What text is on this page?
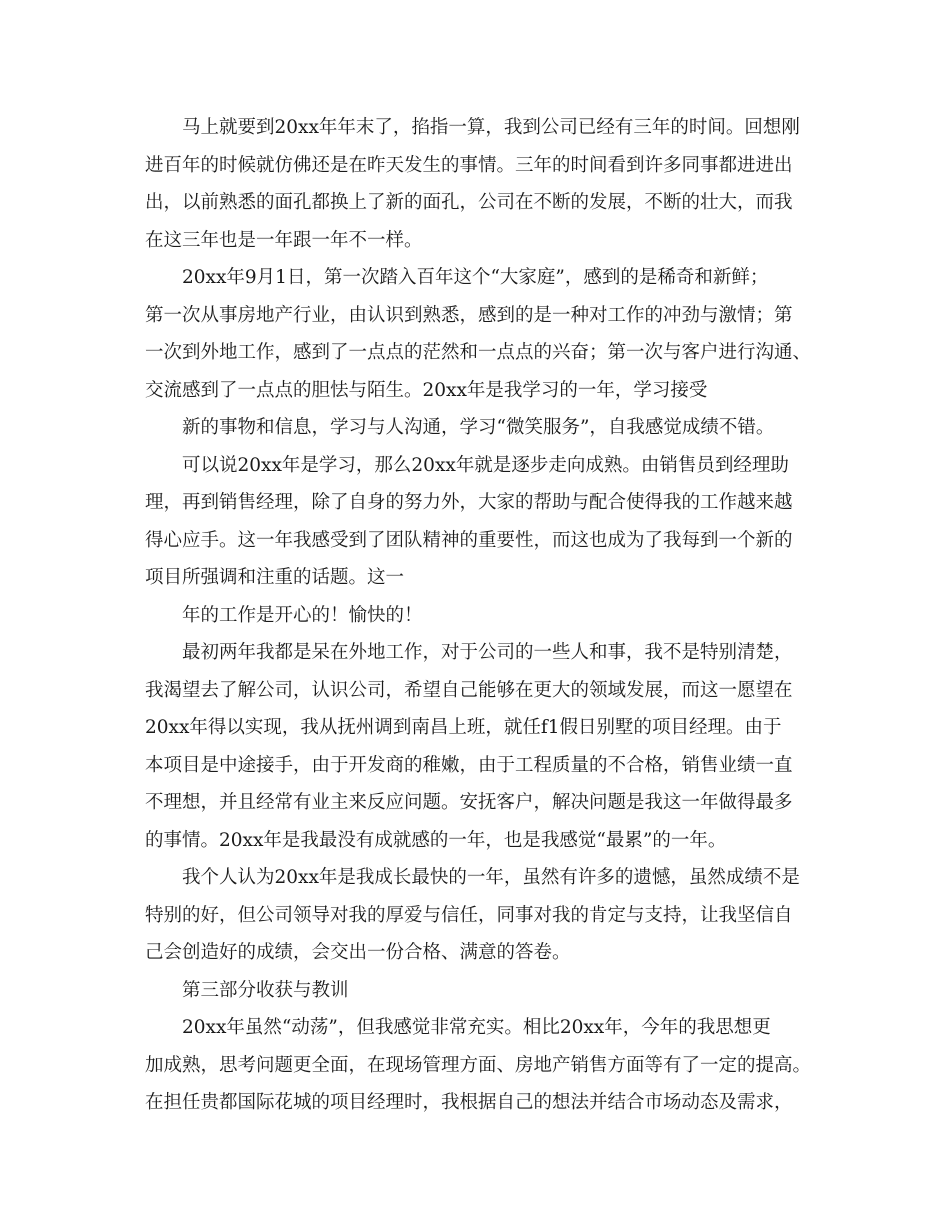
马上就要到20xx年年末了，掐指一算，我到公司已经有三年的时间。回想刚
进百年的时候就仿佛还是在昨天发生的事情。三年的时间看到许多同事都进进出
出，以前熟悉的面孔都换上了新的面孔，公司在不断的发展，不断的壮大，而我
在这三年也是一年跟一年不一样。
20xx年9月1日，第一次踏入百年这个“大家庭”，感到的是稀奇和新鲜；
第一次从事房地产行业，由认识到熟悉，感到的是一种对工作的冲劲与激情；第
一次到外地工作，感到了一点点的茫然和一点点的兴奋；第一次与客户进行沟通、
交流感到了一点点的胆怯与陌生。20xx年是我学习的一年，学习接受
新的事物和信息，学习与人沟通，学习“微笑服务”，自我感觉成绩不错。
可以说20xx年是学习，那么20xx年就是逐步走向成熟。由销售员到经理助
理，再到销售经理，除了自身的努力外，大家的帮助与配合使得我的工作越来越
得心应手。这一年我感受到了团队精神的重要性，而这也成为了我每到一个新的
项目所强调和注重的话题。这一
年的工作是开心的！愉快的！
最初两年我都是呆在外地工作，对于公司的一些人和事，我不是特别清楚，
我渴望去了解公司，认识公司，希望自己能够在更大的领域发展，而这一愿望在
20xx年得以实现，我从抚州调到南昌上班，就任f1假日别墅的项目经理。由于
本项目是中途接手，由于开发商的稚嫩，由于工程质量的不合格，销售业绩一直
不理想，并且经常有业主来反应问题。安抚客户，解决问题是我这一年做得最多
的事情。20xx年是我最没有成就感的一年，也是我感觉“最累”的一年。
我个人认为20xx年是我成长最快的一年，虽然有许多的遗憾，虽然成绩不是
特别的好，但公司领导对我的厚爱与信任，同事对我的肯定与支持，让我坚信自
己会创造好的成绩，会交出一份合格、满意的答卷。
第三部分收获与教训
20xx年虽然“动荡”，但我感觉非常充实。相比20xx年，今年的我思想更
加成熟，思考问题更全面，在现场管理方面、房地产销售方面等有了一定的提高。
在担任贵都国际花城的项目经理时，我根据自己的想法并结合市场动态及需求，
